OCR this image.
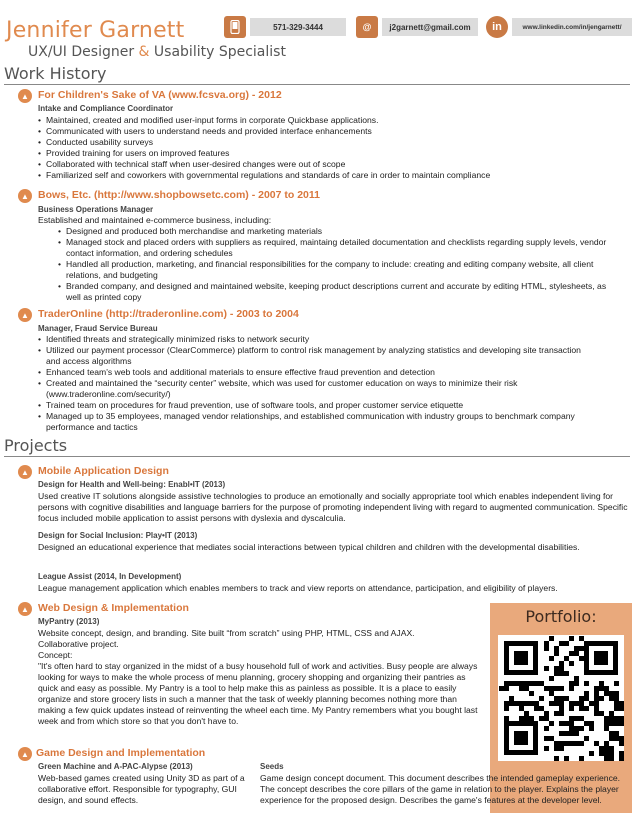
Jennifer Garnett	571-329-3444	@	j2garnett@gmail.com	in	www.linkedin.com/in/jengarnett/
UX/UI Designer & Usability Specialist
Work History
▲ For Children's Sake of VA (www.fcsva.org) - 2012
Intake and Compliance Coordinator
• Maintained, created and modified user-input forms in corporate Quickbase applications.
• Communicated with users to understand needs and provided interface enhancements
• Conducted usability surveys
• Provided training for users on improved features
• Collaborated with technical staff when user-desired changes were out of scope
• Familiarized self and coworkers with governmental regulations and standards of care in order to maintain compliance
▲ Bows, Etc. (http://www.shopbowsetc.com) - 2007 to 2011
Business Operations Manager
Established and maintained e-commerce business, including:
• Designed and produced both merchandise and marketing materials
• Managed stock and placed orders with suppliers as required, maintaing detailed documentation and checklists regarding supply levels, vendor contact information, and ordering schedules
• Handled all production, marketing, and financial responsibilities for the company to include: creating and editing company website, all client relations, and budgeting
• Branded company, and designed and maintained website, keeping product descriptions current and accurate by editing HTML, stylesheets, as well as printed copy
▲ TraderOnline (http://traderonline.com) - 2003 to 2004
Manager, Fraud Service Bureau
• Identified threats and strategically minimized risks to network security
• Utilized our payment processor (ClearCommerce) platform to control risk management by analyzing statistics and developing site transaction and access algorithms
• Enhanced team's web tools and additional materials to ensure effective fraud prevention and detection
• Created and maintained the “security center” website, which was used for customer education on ways to minimize their risk (www.traderonline.com/security/)
• Trained team on procedures for fraud prevention, use of software tools, and proper customer service etiquette
• Managed up to 35 employees, managed vendor relationships, and established communication with industry groups to benchmark company performance and tactics
Projects
▲ Mobile Application Design
Design for Health and Well-being: Enabl•IT (2013)
Used creative IT solutions alongside assistive technologies to produce an emotionally and socially appropriate tool which enables independent living for persons with cognitive disabilities and language barriers for the purpose of promoting independent living with regard to augmented communication. Specific focus included mobile application to assist persons with dyslexia and dyscalculia.
Design for Social Inclusion: Play•IT (2013)
Designed an educational experience that mediates social interactions between typical children and children with the developmental disabilities.
League Assist (2014, In Development)
League management application which enables members to track and view reports on attendance, participation, and eligibility of players.
▲ Web Design & Implementation
MyPantry (2013)
Website concept, design, and branding. Site built “from scratch” using PHP, HTML, CSS and AJAX.
Collaborative project.
Concept:
"It's often hard to stay organized in the midst of a busy household full of work and activities. Busy people are always looking for ways to make the whole process of menu planning, grocery shopping and organizing their pantries as quick and easy as possible. My Pantry is a tool to help make this as painless as possible. It is a place to easily organize and store grocery lists in such a manner that the task of weekly planning becomes nothing more than making a few quick updates instead of reinventing the wheel each time. My Pantry remembers what you bought last week and from which store so that you don't have to.
Portfolio:
▲ Game Design and Implementation
Green Machine and A-PAC-Alypse (2013)
Web-based games created using Unity 3D as part of a collaborative effort. Responsible for typography, GUI design, and sound effects.
Seeds
Game design concept document. This document describes the intended gameplay experience. The concept describes the core pillars of the game in relation to the player. Explains the player experience for the proposed design. Describes the game's features at the developer level.
